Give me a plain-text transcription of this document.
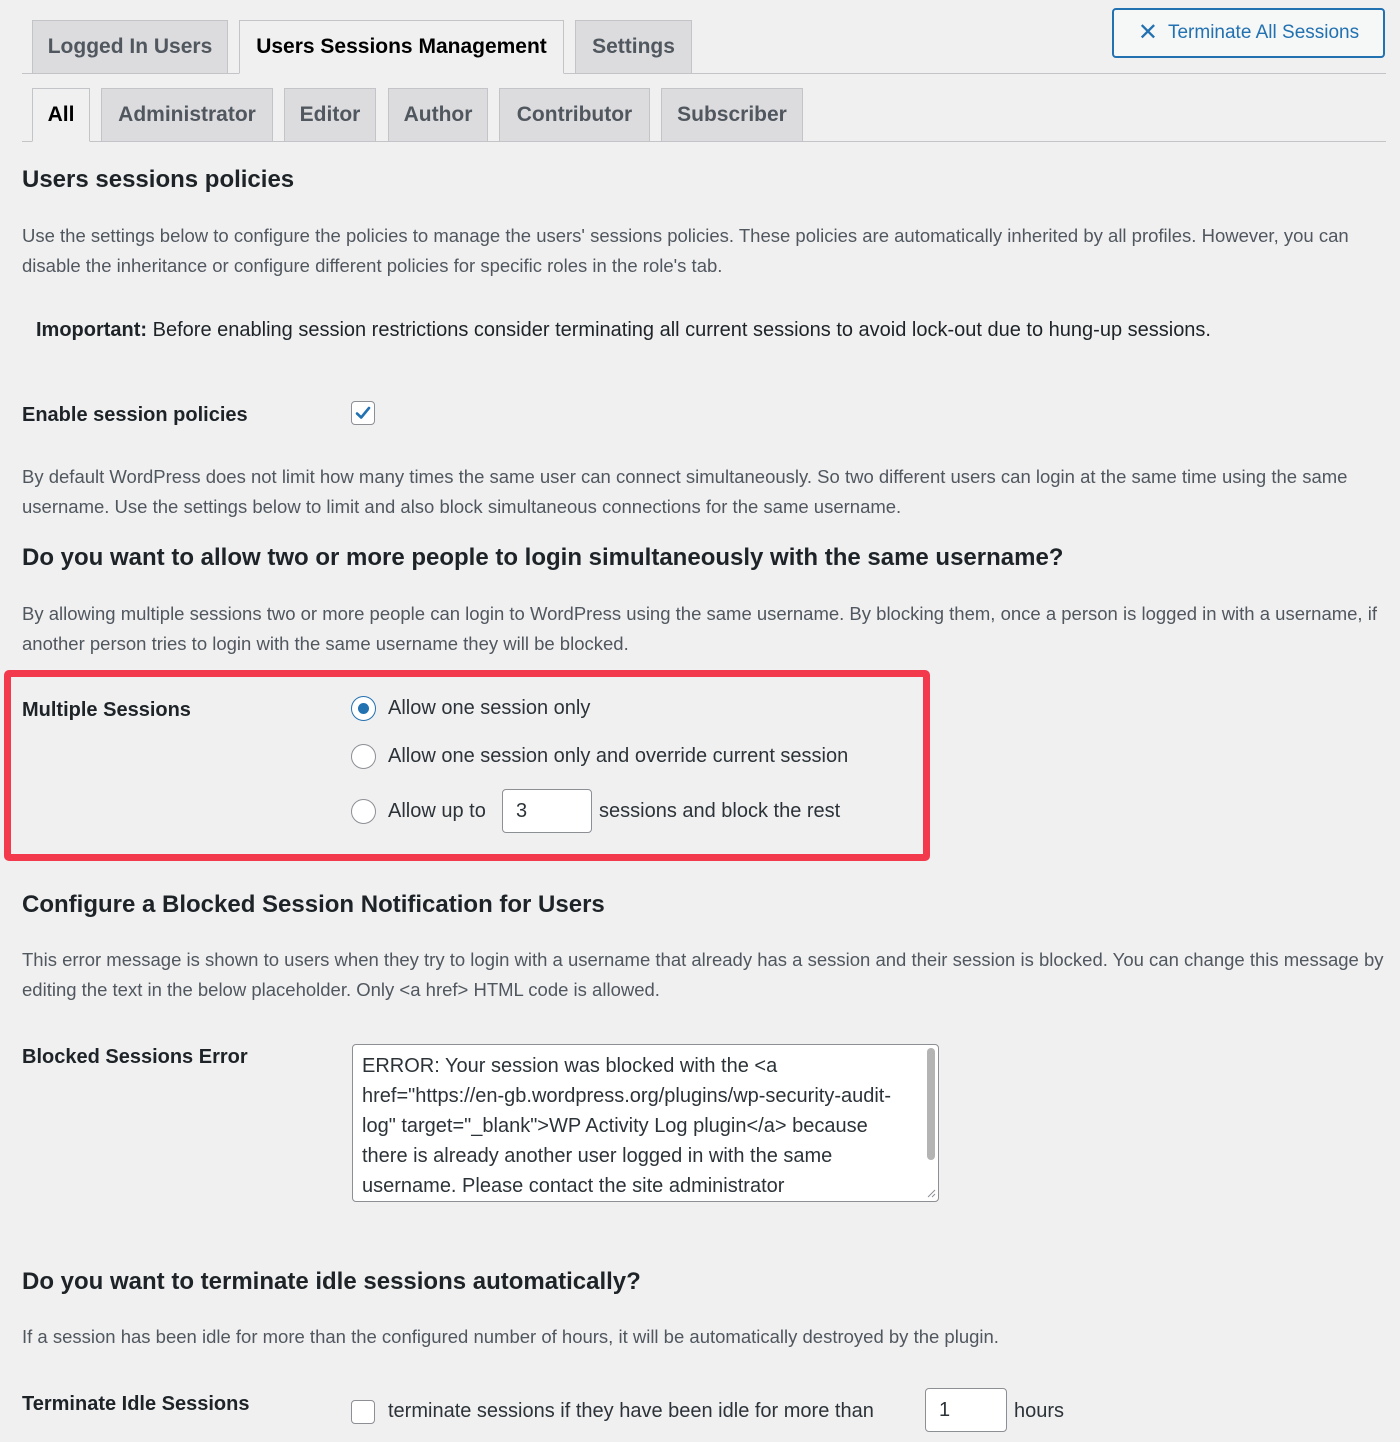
Logged In Users	Users Sessions Management	Settings
✕ Terminate All Sessions
All	Administrator	Editor	Author	Contributor	Subscriber
Users sessions policies

Use the settings below to configure the policies to manage the users' sessions policies. These policies are automatically inherited by all profiles. However, you can disable the inheritance or configure different policies for specific roles in the role's tab.

Imoportant: Before enabling session restrictions consider terminating all current sessions to avoid lock-out due to hung-up sessions.
Enable session policies

By default WordPress does not limit how many times the same user can connect simultaneously. So two different users can login at the same time using the same username. Use the settings below to limit and also block simultaneous connections for the same username.

Do you want to allow two or more people to login simultaneously with the same username?

By allowing multiple sessions two or more people can login to WordPress using the same username. By blocking them, once a person is logged in with a username, if another person tries to login with the same username they will be blocked.

Multiple Sessions	Allow one session only
Allow one session only and override current session
Allow up to	3	sessions and block the rest
Configure a Blocked Session Notification for Users

This error message is shown to users when they try to login with a username that already has a session and their session is blocked. You can change this message by editing the text in the below placeholder. Only <a href> HTML code is allowed.

Blocked Sessions Error	ERROR: Your session was blocked with the <a href="https://en-gb.wordpress.org/plugins/wp-security-audit-log" target="_blank">WP Activity Log plugin</a> because there is already another user logged in with the same username. Please contact the site administrator
Do you want to terminate idle sessions automatically?

If a session has been idle for more than the configured number of hours, it will be automatically destroyed by the plugin.

Terminate Idle Sessions	terminate sessions if they have been idle for more than	1	hours
